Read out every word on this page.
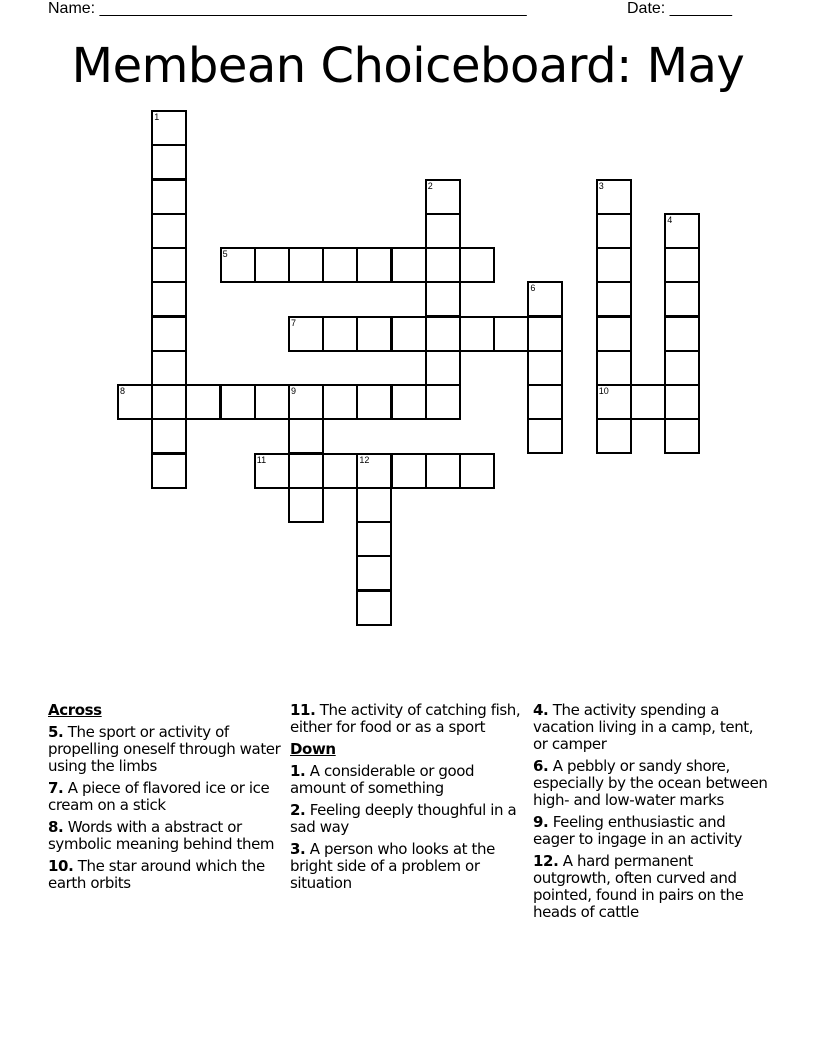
Name: ________________________________________________	Date: _______
Membean Choiceboard: May
1
2	3
10
4
5
6
7
8	9
11	12

Across

5. The sport or activity of propelling oneself through water using the limbs

7. A piece of flavored ice or ice cream on a stick

8. Words with a abstract or symbolic meaning behind them

10. The star around which the earth orbits

11. The activity of catching fish, either for food or as a sport

Down

1. A considerable or good amount of something

2. Feeling deeply thoughful in a sad way

3. A person who looks at the bright side of a problem or situation

4. The activity spending a vacation living in a camp, tent, or camper

6. A pebbly or sandy shore, especially by the ocean between high- and low-water marks

9. Feeling enthusiastic and eager to ingage in an activity

12. A hard permanent outgrowth, often curved and pointed, found in pairs on the heads of cattle
